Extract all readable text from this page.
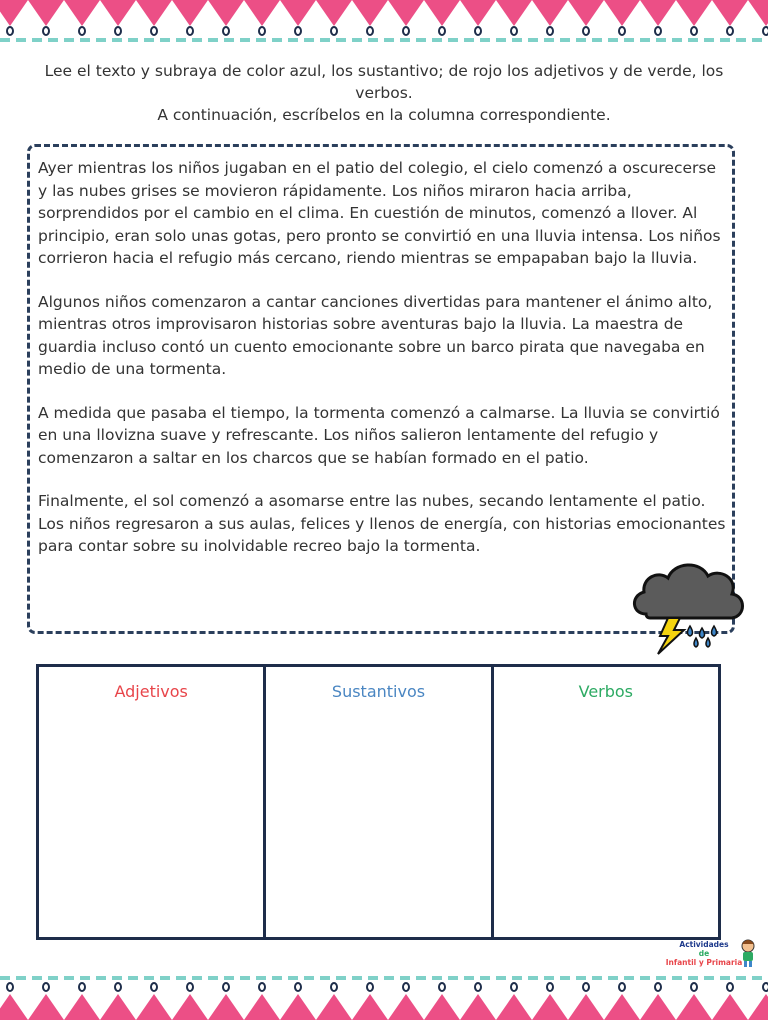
Lee el texto y subraya de color azul, los sustantivo; de rojo los adjetivos y de verde, los verbos.

A continuación, escríbelos en la columna correspondiente.

Ayer mientras los niños jugaban en el patio del colegio, el cielo comenzó a oscurecerse y las nubes grises se movieron rápidamente. Los niños miraron hacia arriba, sorprendidos por el cambio en el clima. En cuestión de minutos, comenzó a llover. Al principio, eran solo unas gotas, pero pronto se convirtió en una lluvia intensa. Los niños corrieron hacia el refugio más cercano, riendo mientras se empapaban bajo la lluvia.

Algunos niños comenzaron a cantar canciones divertidas para mantener el ánimo alto, mientras otros improvisaron historias sobre aventuras bajo la lluvia. La maestra de guardia incluso contó un cuento emocionante sobre un barco pirata que navegaba en medio de una tormenta.

A medida que pasaba el tiempo, la tormenta comenzó a calmarse. La lluvia se convirtió en una llovizna suave y refrescante. Los niños salieron lentamente del refugio y comenzaron a saltar en los charcos que se habían formado en el patio.

Finalmente, el sol comenzó a asomarse entre las nubes, secando lentamente el patio. Los niños regresaron a sus aulas, felices y llenos de energía, con historias emocionantes para contar sobre su inolvidable recreo bajo la tormenta.

Adjetivos	Sustantivos	Verbos
Actividades
de
Infantil y Primaria
